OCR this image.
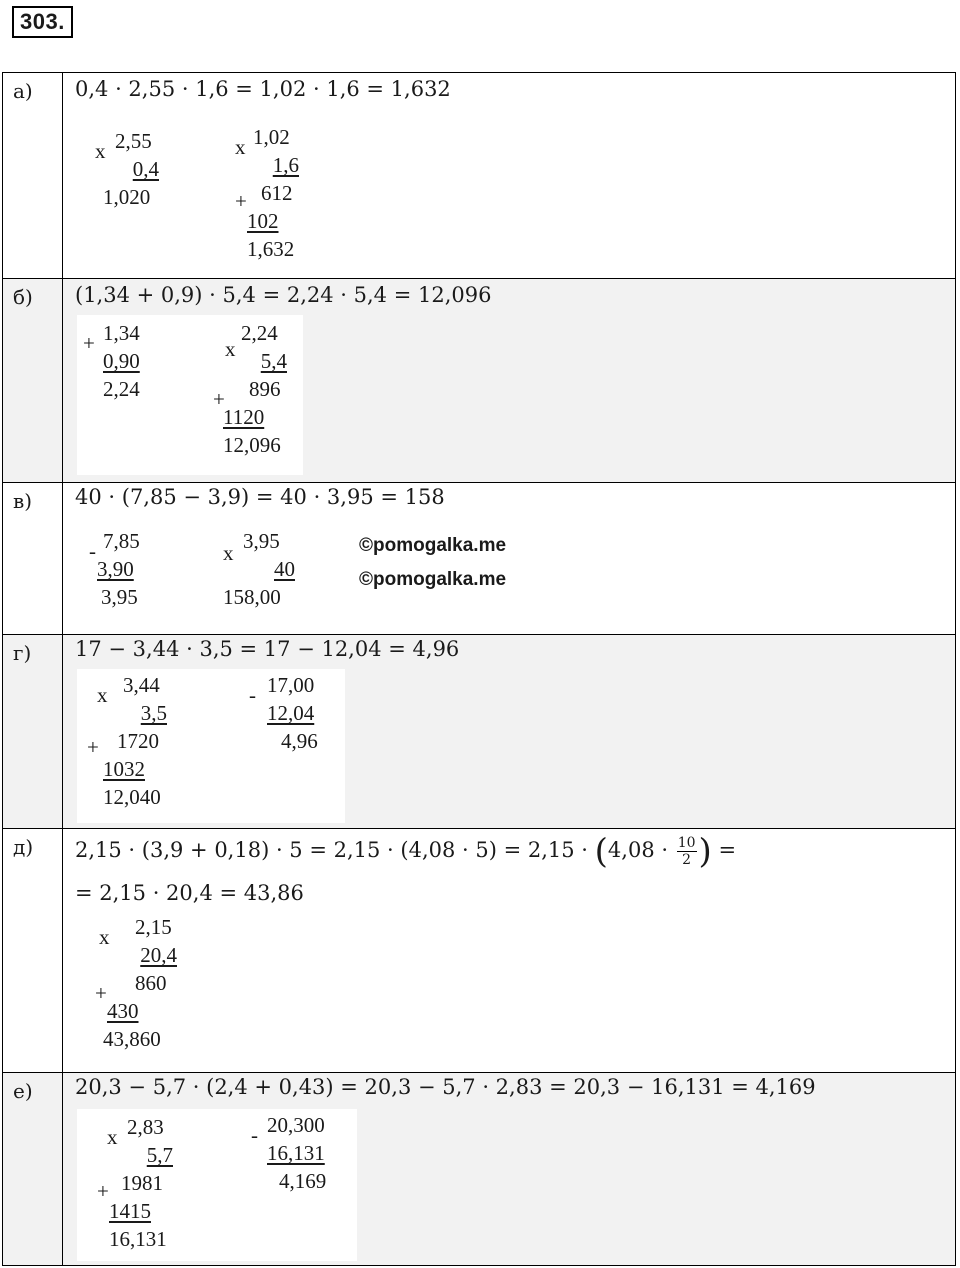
303.
а)	0,4 · 2,55 · 1,6 = 1,02 · 1,6 = 1,632
x 2,55
0,4
1,020
x
+
1,02
1,6
612
102
1,632
б)	(1,34 + 0,9) · 5,4 = 2,24 · 5,4 = 12,096
+ 1,34
0,90
2,24
x
+
2,24
5,4
896
1120
12,096
в)	40 · (7,85 − 3,9) = 40 · 3,95 = 158
- 7,85
3,90
3,95
x 3,95
40
158,00
©pomogalka.me
©pomogalka.me
г)	17 − 3,44 · 3,5 = 17 − 12,04 = 4,96
x
+
3,44
3,5
1720
1032
12,040
- 17,00
12,04
4,96
д)	$2,15 \cdot (3,9 + 0,18) \cdot 5 = 2,15 \cdot (4,08 \cdot 5) = 2,15 \cdot (4,08 \cdot \frac{10}{2}$ ) =
= 2,15 · 20,4 = 43,86
x
+
2,15
20,4
860
430
43,860
е)	20,3 − 5,7 · (2,4 + 0,43) = 20,3 − 5,7 · 2,83 = 20,3 − 16,131 = 4,169
x
+
2,83
5,7
1981
1415
16,131
- 20,300
16,131
4,169
